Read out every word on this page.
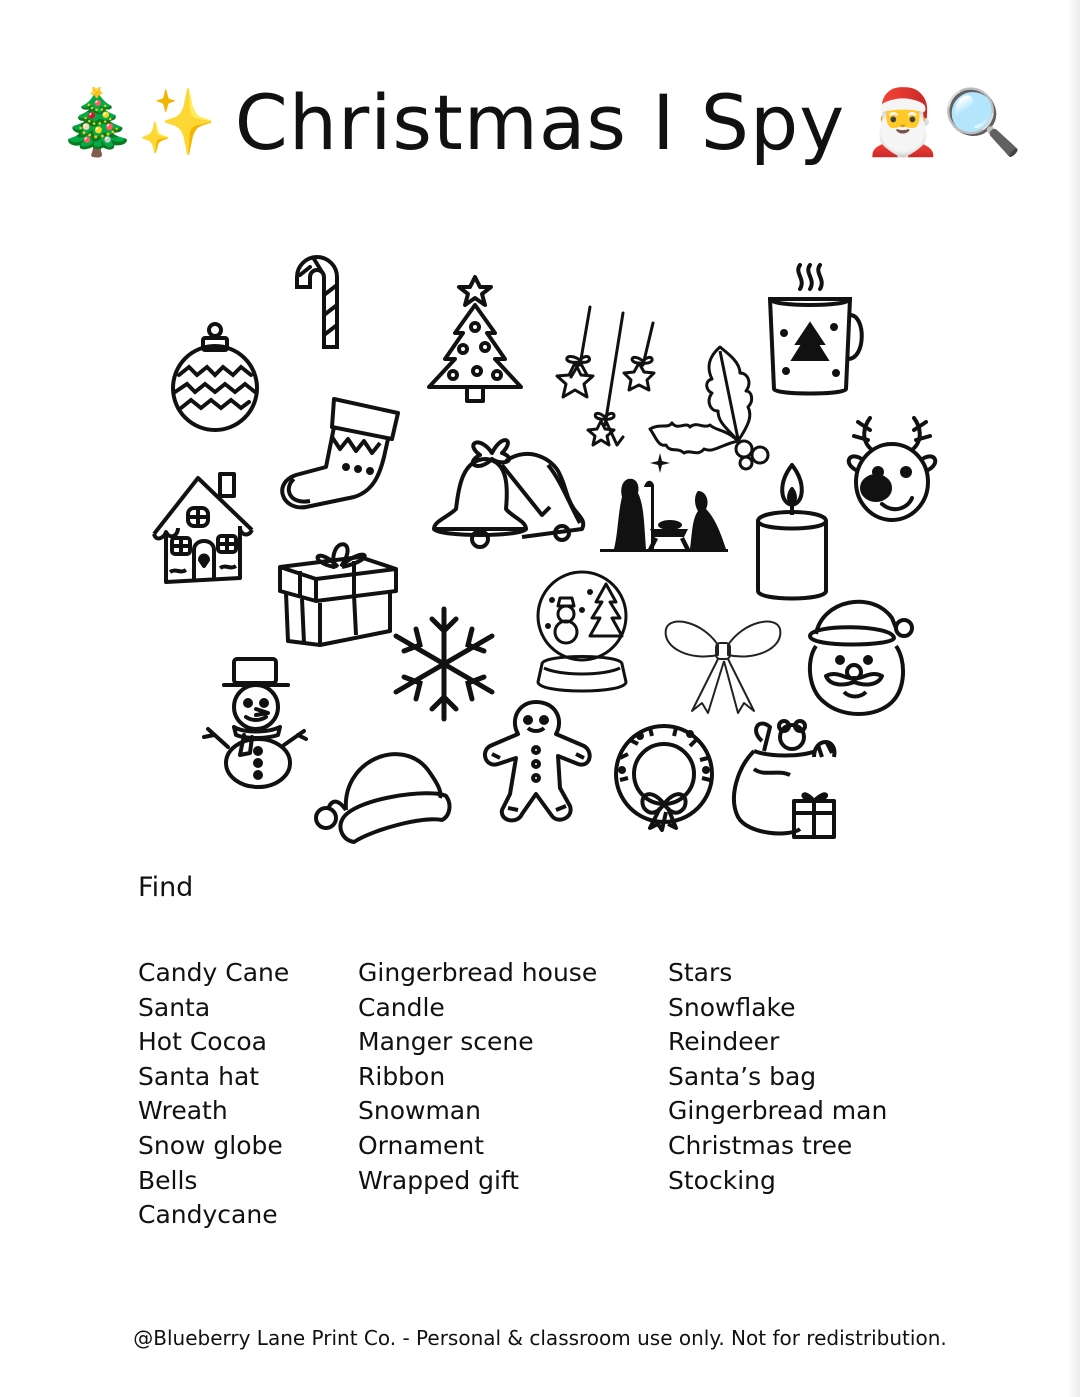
🎄✨ Christmas I Spy 🎅🔍
Find
Candy Cane
Santa
Hot Cocoa
Santa hat
Wreath
Snow globe
Bells
Candycane
Gingerbread house
Candle
Manger scene
Ribbon
Snowman
Ornament
Wrapped gift
Stars
Snowflake
Reindeer
Santa’s bag
Gingerbread man
Christmas tree
Stocking
@Blueberry Lane Print Co. - Personal & classroom use only. Not for redistribution.
